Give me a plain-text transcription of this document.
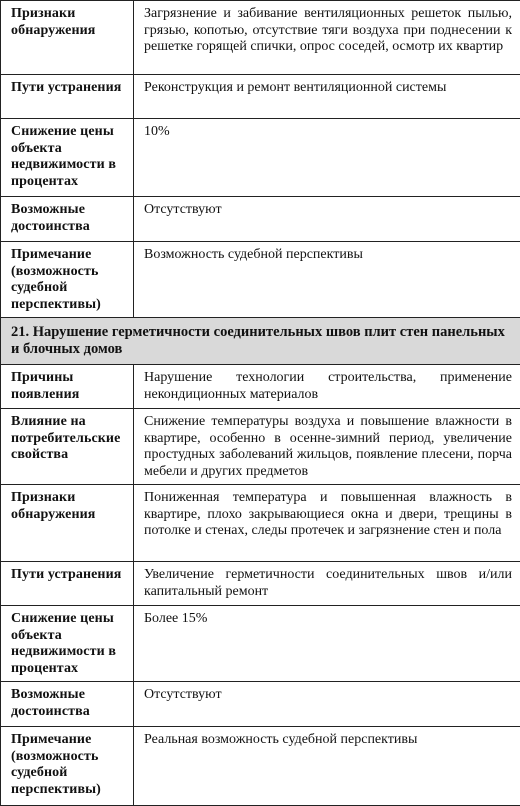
Признаки обнаружения	Загрязнение и забивание вентиляционных решеток пылью, грязью, копотью, отсутствие тяги воздуха при поднесении к решетке горящей спички, опрос соседей, осмотр их квартир
Пути устранения	Реконструкция и ремонт вентиляционной системы
Снижение цены объекта недвижимости в процентах	10%
Возможные достоинства	Отсутствуют
Примечание (возможность судебной перспективы)	Возможность судебной перспективы
21. Нарушение герметичности соединительных швов плит стен панельных и блочных домов	
Причины появления	Нарушение технологии строительства, применение некондиционных материалов
Влияние на потребительские свойства	Снижение температуры воздуха и повышение влажности в квартире, особенно в осенне-зимний период, увеличение простудных заболеваний жильцов, появление плесени, порча мебели и других предметов
Признаки обнаружения	Пониженная температура и повышенная влажность в квартире, плохо закрывающиеся окна и двери, трещины в потолке и стенах, следы протечек и загрязнение стен и пола
Пути устранения	Увеличение герметичности соединительных швов и/или капитальный ремонт
Снижение цены объекта недвижимости в процентах	Более 15%
Возможные достоинства	Отсутствуют
Примечание (возможность судебной перспективы)	Реальная возможность судебной перспективы
